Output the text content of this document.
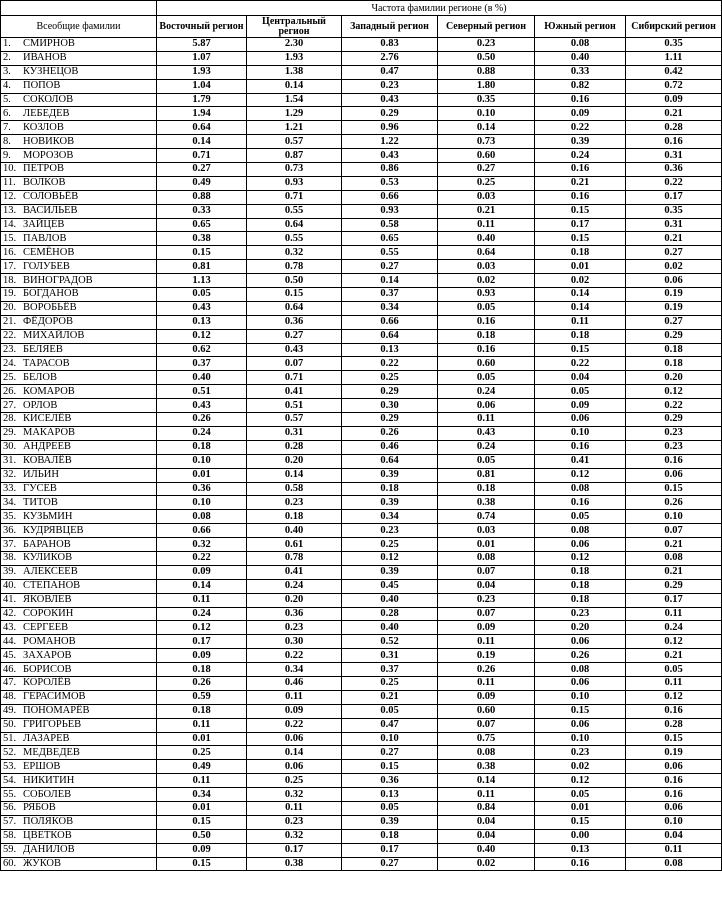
	Частота фамилии регионе (в %)					
Всеобщие фамилии	Восточный регион	Центральный регион	Западный регион	Северный регион	Южный регион	Сибирский регион
1. СМИРНОВ	5.87	2.30	0.83	0.23	0.08	0.35
2. ИВАНОВ	1.07	1.93	2.76	0.50	0.40	1.11
3. КУЗНЕЦОВ	1.93	1.38	0.47	0.88	0.33	0.42
4. ПОПОВ	1.04	0.14	0.23	1.80	0.82	0.72
5. СОКОЛОВ	1.79	1.54	0.43	0.35	0.16	0.09
6. ЛЕБЕДЕВ	1.94	1.29	0.29	0.10	0.09	0.21
7. КОЗЛОВ	0.64	1.21	0.96	0.14	0.22	0.28
8. НОВИКОВ	0.14	0.57	1.22	0.73	0.39	0.16
9. МОРОЗОВ	0.71	0.87	0.43	0.60	0.24	0.31
10. ПЕТРОВ	0.27	0.73	0.86	0.27	0.16	0.36
11. ВОЛКОВ	0.49	0.93	0.53	0.25	0.21	0.22
12. СОЛОВЬЁВ	0.88	0.71	0.66	0.03	0.16	0.17
13. ВАСИЛЬЕВ	0.33	0.55	0.93	0.21	0.15	0.35
14. ЗАЙЦЕВ	0.65	0.64	0.58	0.11	0.17	0.31
15. ПАВЛОВ	0.38	0.55	0.65	0.40	0.15	0.21
16. СЕМЁНОВ	0.15	0.32	0.55	0.64	0.18	0.27
17. ГОЛУБЕВ	0.81	0.78	0.27	0.03	0.01	0.02
18. ВИНОГРАДОВ	1.13	0.50	0.14	0.02	0.02	0.06
19. БОГДАНОВ	0.05	0.15	0.37	0.93	0.14	0.19
20. ВОРОБЬЁВ	0.43	0.64	0.34	0.05	0.14	0.19
21. ФЁДОРОВ	0.13	0.36	0.66	0.16	0.11	0.27
22. МИХАЙЛОВ	0.12	0.27	0.64	0.18	0.18	0.29
23. БЕЛЯЕВ	0.62	0.43	0.13	0.16	0.15	0.18
24. ТАРАСОВ	0.37	0.07	0.22	0.60	0.22	0.18
25. БЕЛОВ	0.40	0.71	0.25	0.05	0.04	0.20
26. КОМАРОВ	0.51	0.41	0.29	0.24	0.05	0.12
27. ОРЛОВ	0.43	0.51	0.30	0.06	0.09	0.22
28. КИСЕЛЁВ	0.26	0.57	0.29	0.11	0.06	0.29
29. МАКАРОВ	0.24	0.31	0.26	0.43	0.10	0.23
30. АНДРЕЕВ	0.18	0.28	0.46	0.24	0.16	0.23
31. КОВАЛЁВ	0.10	0.20	0.64	0.05	0.41	0.16
32. ИЛЬИН	0.01	0.14	0.39	0.81	0.12	0.06
33. ГУСЕВ	0.36	0.58	0.18	0.18	0.08	0.15
34. ТИТОВ	0.10	0.23	0.39	0.38	0.16	0.26
35. КУЗЬМИН	0.08	0.18	0.34	0.74	0.05	0.10
36. КУДРЯВЦЕВ	0.66	0.40	0.23	0.03	0.08	0.07
37. БАРАНОВ	0.32	0.61	0.25	0.01	0.06	0.21
38. КУЛИКОВ	0.22	0.78	0.12	0.08	0.12	0.08
39. АЛЕКСЕЕВ	0.09	0.41	0.39	0.07	0.18	0.21
40. СТЕПАНОВ	0.14	0.24	0.45	0.04	0.18	0.29
41. ЯКОВЛЕВ	0.11	0.20	0.40	0.23	0.18	0.17
42. СОРОКИН	0.24	0.36	0.28	0.07	0.23	0.11
43. СЕРГЕЕВ	0.12	0.23	0.40	0.09	0.20	0.24
44. РОМАНОВ	0.17	0.30	0.52	0.11	0.06	0.12
45. ЗАХАРОВ	0.09	0.22	0.31	0.19	0.26	0.21
46. БОРИСОВ	0.18	0.34	0.37	0.26	0.08	0.05
47. КОРОЛЁВ	0.26	0.46	0.25	0.11	0.06	0.11
48. ГЕРАСИМОВ	0.59	0.11	0.21	0.09	0.10	0.12
49. ПОНОМАРЁВ	0.18	0.09	0.05	0.60	0.15	0.16
50. ГРИГОРЬЕВ	0.11	0.22	0.47	0.07	0.06	0.28
51. ЛАЗАРЕВ	0.01	0.06	0.10	0.75	0.10	0.15
52. МЕДВЕДЕВ	0.25	0.14	0.27	0.08	0.23	0.19
53. ЕРШОВ	0.49	0.06	0.15	0.38	0.02	0.06
54. НИКИТИН	0.11	0.25	0.36	0.14	0.12	0.16
55. СОБОЛЕВ	0.34	0.32	0.13	0.11	0.05	0.16
56. РЯБОВ	0.01	0.11	0.05	0.84	0.01	0.06
57. ПОЛЯКОВ	0.15	0.23	0.39	0.04	0.15	0.10
58. ЦВЕТКОВ	0.50	0.32	0.18	0.04	0.00	0.04
59. ДАНИЛОВ	0.09	0.17	0.17	0.40	0.13	0.11
60. ЖУКОВ	0.15	0.38	0.27	0.02	0.16	0.08
